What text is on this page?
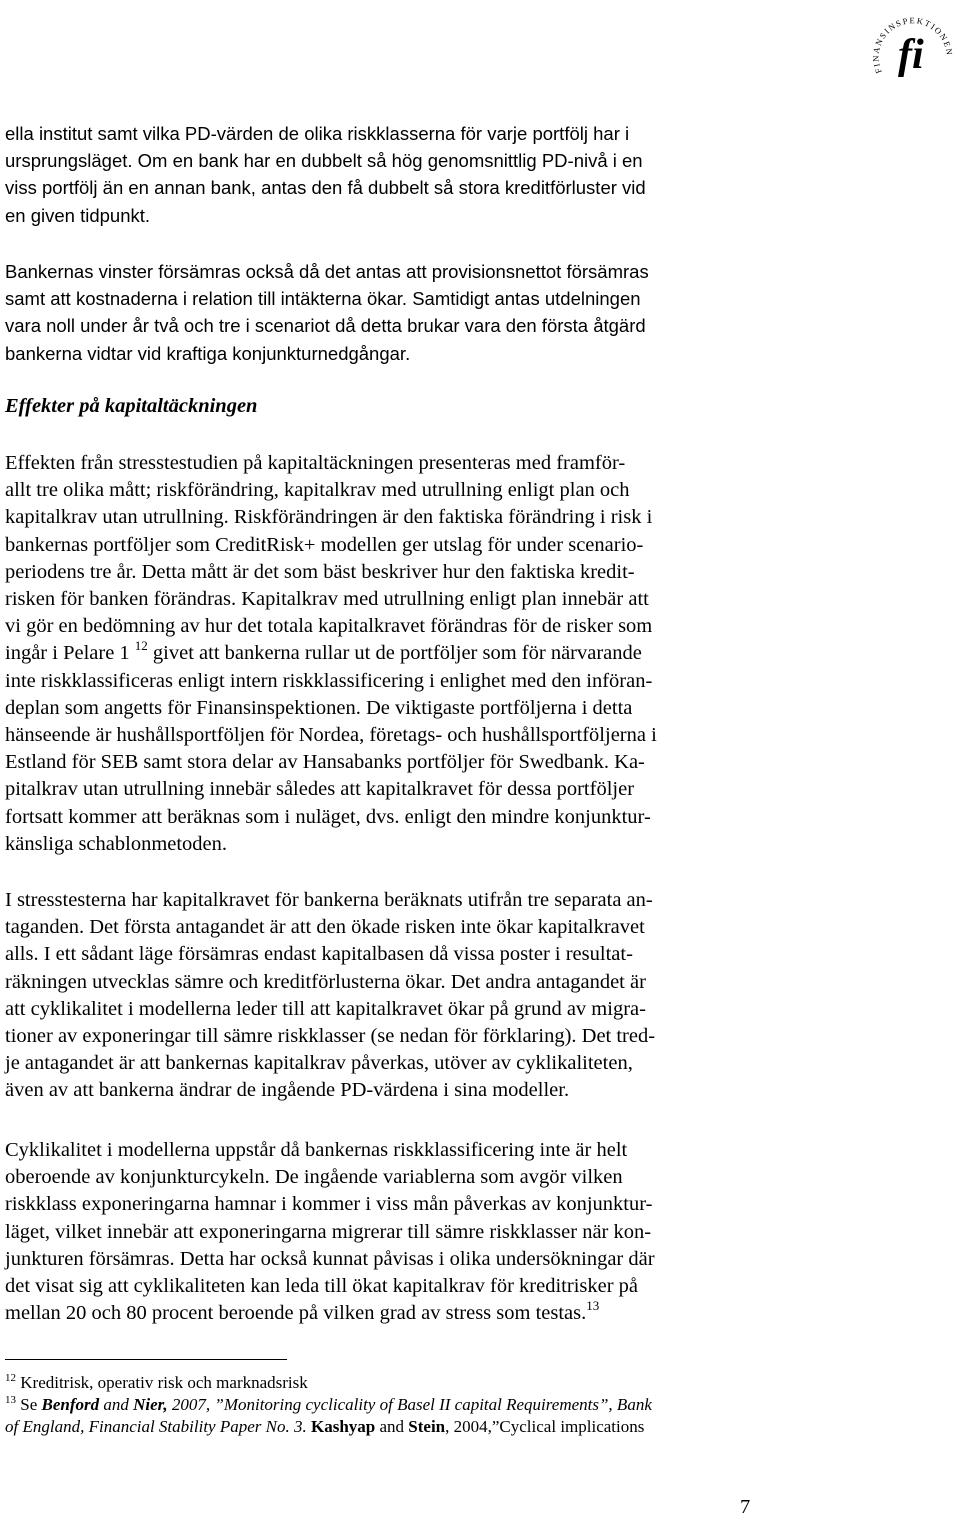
FINANSINSPEKTIONEN
fi
ella institut samt vilka PD-värden de olika riskklasserna för varje portfölj har i
ursprungsläget. Om en bank har en dubbelt så hög genomsnittlig PD-nivå i en
viss portfölj än en annan bank, antas den få dubbelt så stora kreditförluster vid
en given tidpunkt.
Bankernas vinster försämras också då det antas att provisionsnettot försämras
samt att kostnaderna i relation till intäkterna ökar. Samtidigt antas utdelningen
vara noll under år två och tre i scenariot då detta brukar vara den första åtgärd
bankerna vidtar vid kraftiga konjunkturnedgångar.
Effekter på kapitaltäckningen
Effekten från stresstestudien på kapitaltäckningen presenteras med framför-
allt tre olika mått; riskförändring, kapitalkrav med utrullning enligt plan och
kapitalkrav utan utrullning. Riskförändringen är den faktiska förändring i risk i
bankernas portföljer som CreditRisk+ modellen ger utslag för under scenario-
periodens tre år. Detta mått är det som bäst beskriver hur den faktiska kredit-
risken för banken förändras. Kapitalkrav med utrullning enligt plan innebär att
vi gör en bedömning av hur det totala kapitalkravet förändras för de risker som
ingår i Pelare 1 $^{12}$ givet att bankerna rullar ut de portföljer som för närvarande
inte riskklassificeras enligt intern riskklassificering i enlighet med den införan-
deplan som angetts för Finansinspektionen. De viktigaste portföljerna i detta
hänseende är hushållsportföljen för Nordea, företags- och hushållsportföljerna i
Estland för SEB samt stora delar av Hansabanks portföljer för Swedbank. Ka-
pitalkrav utan utrullning innebär således att kapitalkravet för dessa portföljer
fortsatt kommer att beräknas som i nuläget, dvs. enligt den mindre konjunktur-
känsliga schablonmetoden.
I stresstesterna har kapitalkravet för bankerna beräknats utifrån tre separata an-
taganden. Det första antagandet är att den ökade risken inte ökar kapitalkravet
alls. I ett sådant läge försämras endast kapitalbasen då vissa poster i resultat-
räkningen utvecklas sämre och kreditförlusterna ökar. Det andra antagandet är
att cyklikalitet i modellerna leder till att kapitalkravet ökar på grund av migra-
tioner av exponeringar till sämre riskklasser (se nedan för förklaring). Det tred-
je antagandet är att bankernas kapitalkrav påverkas, utöver av cyklikaliteten,
även av att bankerna ändrar de ingående PD-värdena i sina modeller.
Cyklikalitet i modellerna uppstår då bankernas riskklassificering inte är helt
oberoende av konjunkturcykeln. De ingående variablerna som avgör vilken
riskklass exponeringarna hamnar i kommer i viss mån påverkas av konjunktur-
läget, vilket innebär att exponeringarna migrerar till sämre riskklasser när kon-
junkturen försämras. Detta har också kunnat påvisas i olika undersökningar där
det visat sig att cyklikaliteten kan leda till ökat kapitalkrav för kreditrisker på
mellan 20 och 80 procent beroende på vilken grad av stress som testas.$^{13}$
$^{12}$ Kreditrisk, operativ risk och marknadsrisk
$^{13}$ Se Benford and Nier, 2007, ”Monitoring cyclicality of Basel II capital Requirements”, Bank
of England, Financial Stability Paper No. 3. Kashyap and Stein, 2004,”Cyclical implications
7
